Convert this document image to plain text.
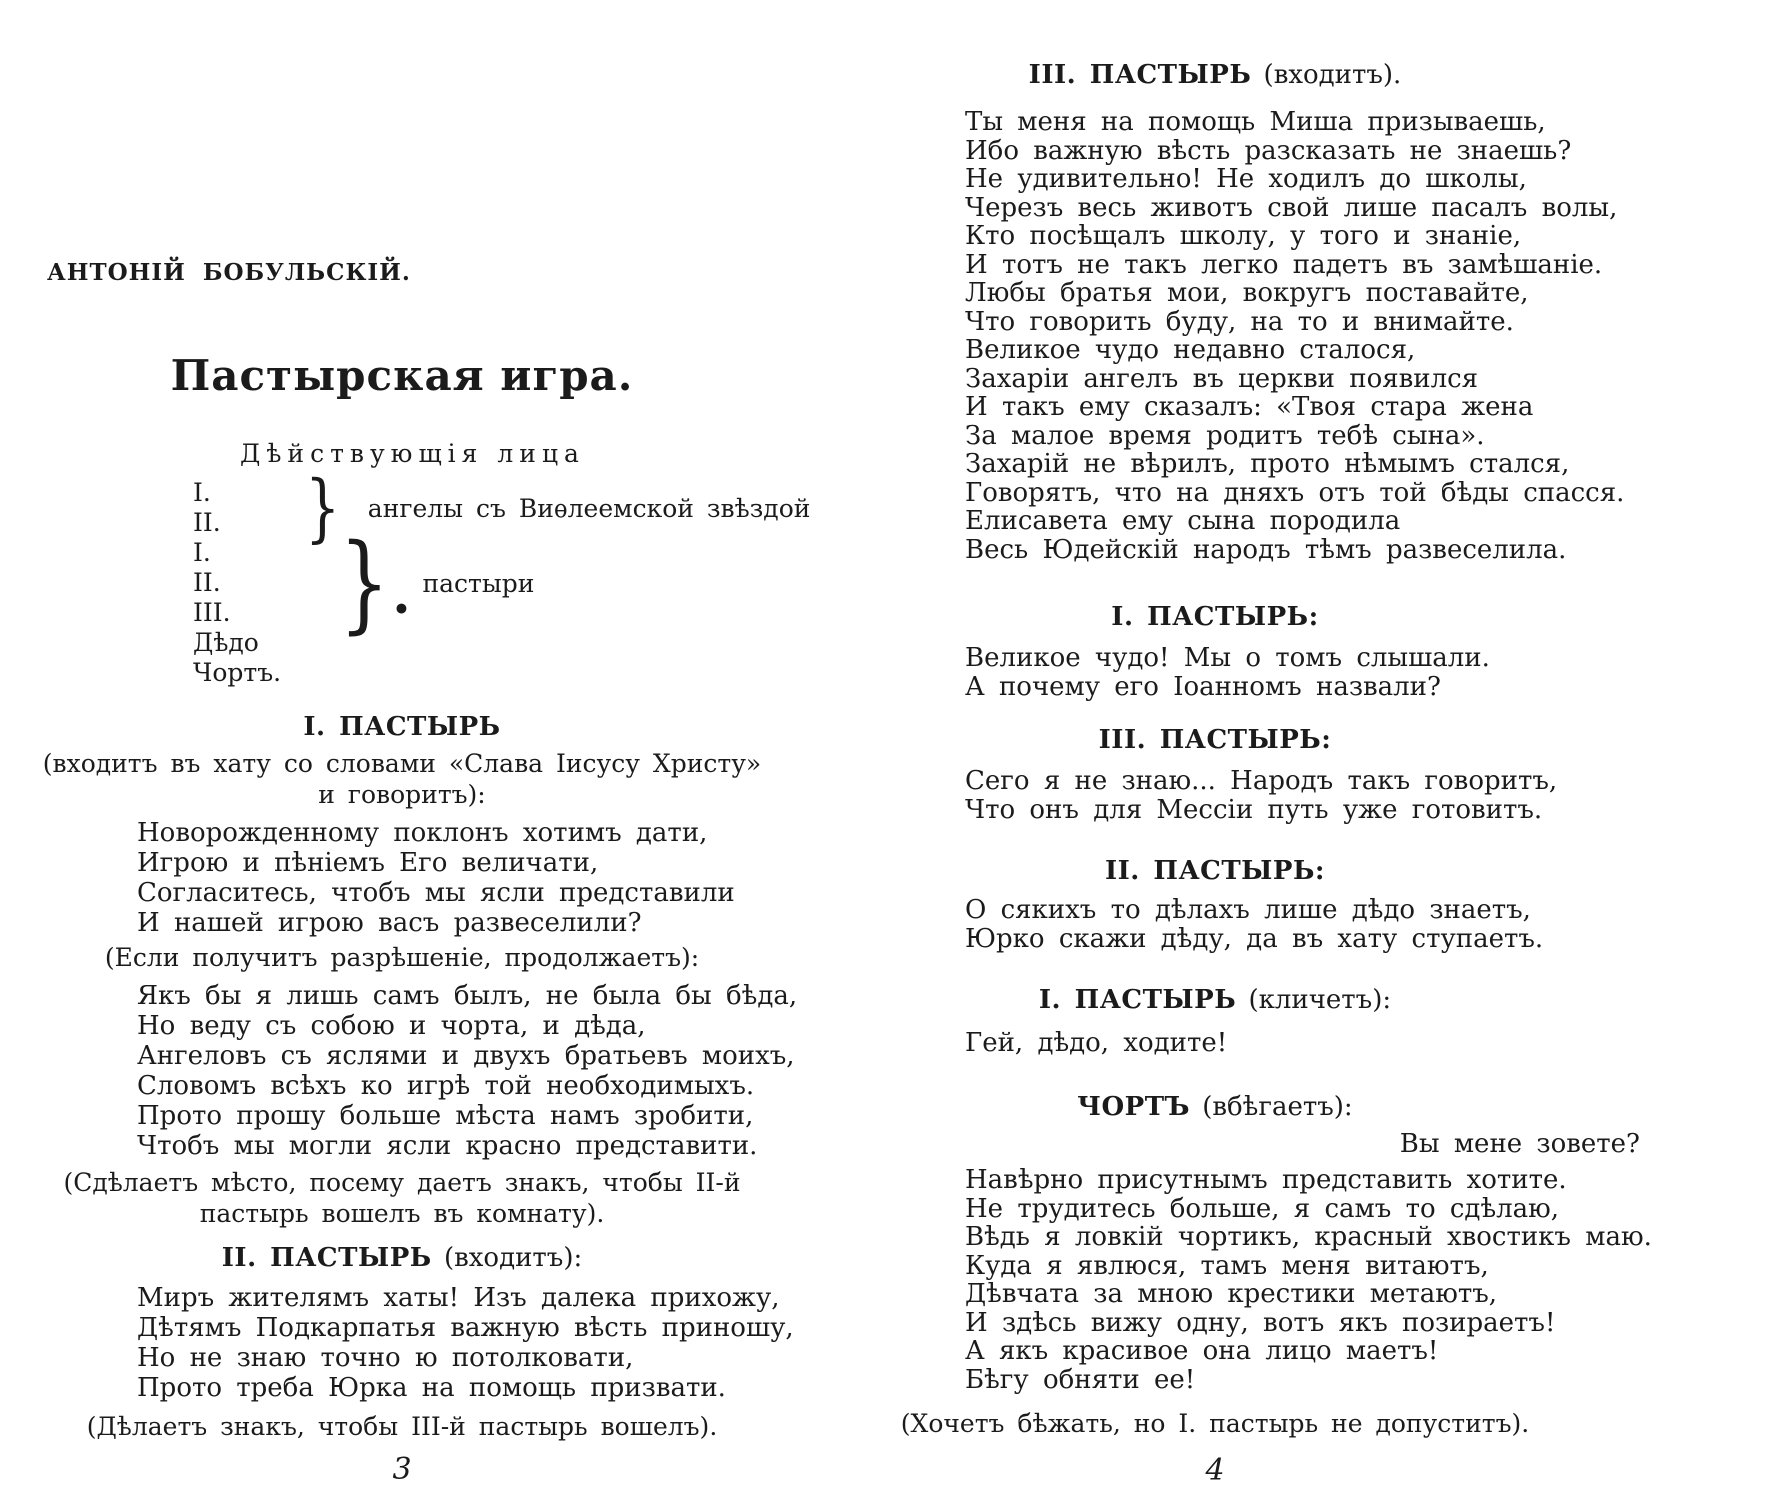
АНТОНІЙ БОБУЛЬСКІЙ.
Пастырская игра.
Дѣйствующія лица
I.
II. } ангелы съ Виѳлеемской звѣздой
I.
II.
III. } •
пастыри
Дѣдо
Чортъ.
I. ПАСТЫРЬ
(входитъ въ хату со словами «Слава Іисусу Христу» и говоритъ):
Новорожденному поклонъ хотимъ дати,
Игрою и пѣніемъ Его величати,
Согласитесь, чтобъ мы ясли представили
И нашей игрою васъ развеселили?
(Если получитъ разрѣшеніе, продолжаетъ):
Якъ бы я лишь самъ былъ, не была бы бѣда,
Но веду съ собою и чорта, и дѣда,
Ангеловъ съ яслями и двухъ братьевъ моихъ,
Словомъ всѣхъ ко игрѣ той необходимыхъ.
Прото прошу больше мѣста намъ зробити,
Чтобъ мы могли ясли красно представити.
(Сдѣлаетъ мѣсто, посему даетъ знакъ, чтобы II-й пастырь вошелъ въ комнату).
II. ПАСТЫРЬ (входитъ):
Миръ жителямъ хаты! Изъ далека прихожу,
Дѣтямъ Подкарпатья важную вѣсть приношу,
Но не знаю точно ю потолковати,
Прото треба Юрка на помощь призвати.
(Дѣлаетъ знакъ, чтобы III-й пастырь вошелъ).
3
III. ПАСТЫРЬ (входитъ).
Ты меня на помощь Миша призываешь,
Ибо важную вѣсть разсказать не знаешь?
Не удивительно! Не ходилъ до школы,
Черезъ весь животъ свой лише пасалъ волы,
Кто посѣщалъ школу, у того и знаніе,
И тотъ не такъ легко падетъ въ замѣшаніе.
Любы братья мои, вокругъ поставайте,
Что говорить буду, на то и внимайте.
Великое чудо недавно сталося,
Захаріи ангелъ въ церкви появился
И такъ ему сказалъ: «Твоя стара жена
За малое время родитъ тебѣ сына».
Захарій не вѣрилъ, прото нѣмымъ стался,
Говорятъ, что на дняхъ отъ той бѣды спасся.
Елисавета ему сына породила
Весь Юдейскій народъ тѣмъ развеселила.
I. ПАСТЫРЬ:
Великое чудо! Мы о томъ слышали.
А почему его Іоанномъ назвали?
III. ПАСТЫРЬ:
Сего я не знаю... Народъ такъ говоритъ,
Что онъ для Мессіи путь уже готовитъ.
II. ПАСТЫРЬ:
О сякихъ то дѣлахъ лише дѣдо знаетъ,
Юрко скажи дѣду, да въ хату ступаетъ.
I. ПАСТЫРЬ (кличетъ):
Гей, дѣдо, ходите!
ЧОРТЪ (вбѣгаетъ):
Вы мене зовете?
Навѣрно присутнымъ представить хотите.
Не трудитесь больше, я самъ то сдѣлаю,
Вѣдь я ловкій чортикъ, красный хвостикъ маю.
Куда я явлюся, тамъ меня витаютъ,
Дѣвчата за мною крестики метаютъ,
И здѣсь вижу одну, вотъ якъ позираетъ!
А якъ красивое она лицо маетъ!
Бѣгу обняти ее!
(Хочетъ бѣжать, но I. пастырь не допуститъ).
4
